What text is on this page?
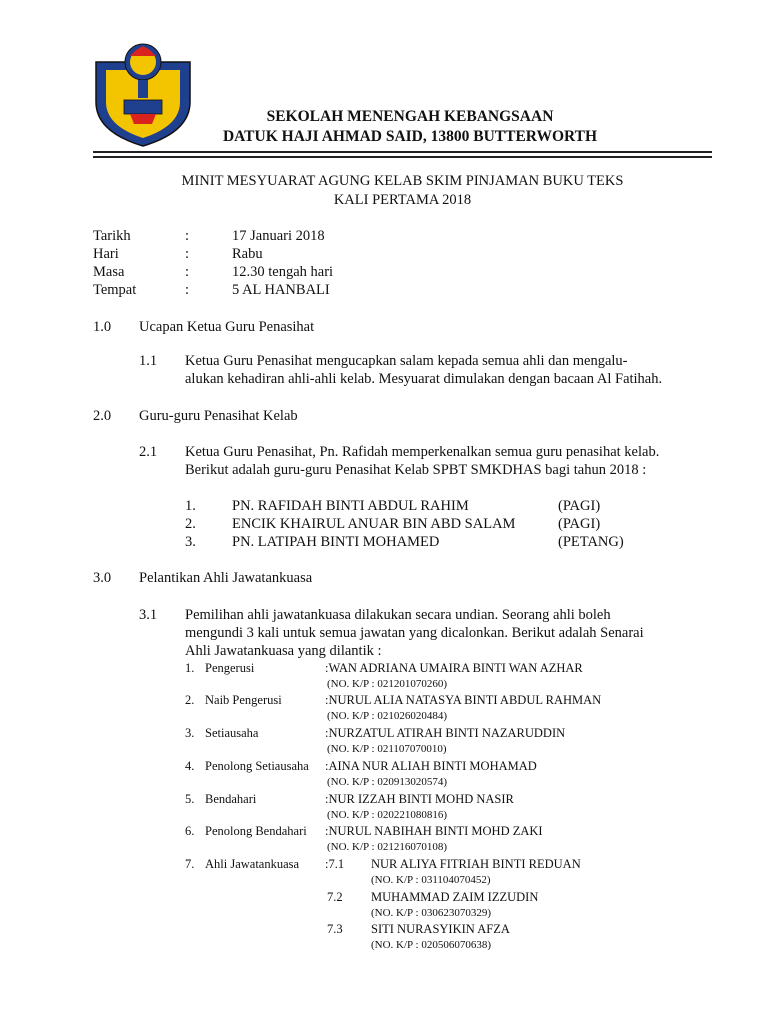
SEKOLAH MENENGAH KEBANGSAAN
DATUK HAJI AHMAD SAID, 13800 BUTTERWORTH
MINIT MESYUARAT AGUNG KELAB SKIM PINJAMAN BUKU TEKS
KALI PERTAMA 2018
Tarikh	:	17 Januari 2018
Hari	:	Rabu
Masa	:	12.30 tengah hari
Tempat	:	5 AL HANBALI
1.0 Ucapan Ketua Guru Penasihat
1.1 Ketua Guru Penasihat mengucapkan salam kepada semua ahli dan mengalu-
alukan kehadiran ahli-ahli kelab. Mesyuarat dimulakan dengan bacaan Al Fatihah.
2.0 Guru-guru Penasihat Kelab
2.1 Ketua Guru Penasihat, Pn. Rafidah memperkenalkan semua guru penasihat kelab.
Berikut adalah guru-guru Penasihat Kelab SPBT SMKDHAS bagi tahun 2018 :
1. PN. RAFIDAH BINTI ABDUL RAHIM	(PAGI)
2. ENCIK KHAIRUL ANUAR BIN ABD SALAM	(PAGI)
3. PN. LATIPAH BINTI MOHAMED	(PETANG)
3.0 Pelantikan Ahli Jawatankuasa
3.1 Pemilihan ahli jawatankuasa dilakukan secara undian. Seorang ahli boleh
mengundi 3 kali untuk semua jawatan yang dicalonkan. Berikut adalah Senarai
Ahli Jawatankuasa yang dilantik :
1. Pengerusi	:WAN ADRIANA UMAIRA BINTI WAN AZHAR
(NO. K/P : 021201070260)
2. Naib Pengerusi	:NURUL ALIA NATASYA BINTI ABDUL RAHMAN
(NO. K/P : 021026020484)
3. Setiausaha	:NURZATUL ATIRAH BINTI NAZARUDDIN
(NO. K/P : 021107070010)
4. Penolong Setiausaha :AINA NUR ALIAH BINTI MOHAMAD
(NO. K/P : 020913020574)
5. Bendahari	:NUR IZZAH BINTI MOHD NASIR
(NO. K/P : 020221080816)
6. Penolong Bendahari :NURUL NABIHAH BINTI MOHD ZAKI
(NO. K/P : 021216070108)
7. Ahli Jawatankuasa :7.1 NUR ALIYA FITRIAH BINTI REDUAN
(NO. K/P : 031104070452)
7.2 MUHAMMAD ZAIM IZZUDIN
(NO. K/P : 030623070329)
7.3 SITI NURASYIKIN AFZA
(NO. K/P : 020506070638)
